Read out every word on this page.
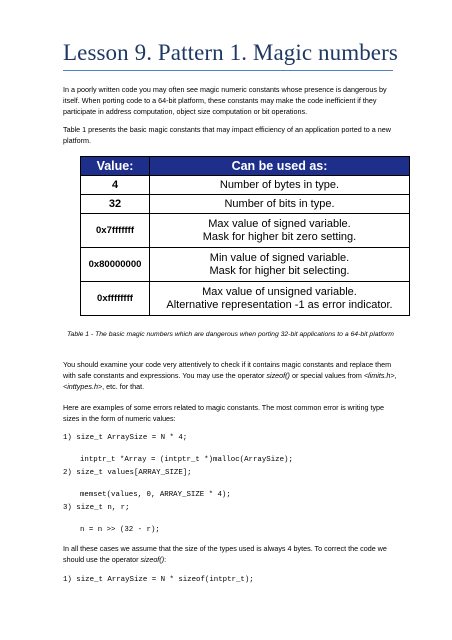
Lesson 9. Pattern 1. Magic numbers
In a poorly written code you may often see magic numeric constants whose presence is dangerous by itself. When porting code to a 64-bit platform, these constants may make the code inefficient if they participate in address computation, object size computation or bit operations.
Table 1 presents the basic magic constants that may impact efficiency of an application ported to a new platform.
Value:	Can be used as:
4	Number of bytes in type.

32	Number of bits in type.

0x7fffffff	Max value of signed variable.
Mask for higher bit zero setting.

0x80000000	Min value of signed variable.
Mask for higher bit selecting.

0xffffffff	Max value of unsigned variable.
Alternative representation -1 as error indicator.
Table 1 - The basic magic numbers which are dangerous when porting 32-bit applications to a 64-bit platform
You should examine your code very attentively to check if it contains magic constants and replace them with safe constants and expressions. You may use the operator sizeof() or special values from <limits.h>, <inttypes.h>, etc. for that.
Here are examples of some errors related to magic constants. The most common error is writing type sizes in the form of numeric values:
1) size_t ArraySize = N * 4;
intptr_t *Array = (intptr_t *)malloc(ArraySize);
2) size_t values[ARRAY_SIZE];
memset(values, 0, ARRAY_SIZE * 4);
3) size_t n, r;
n = n >> (32 - r);
In all these cases we assume that the size of the types used is always 4 bytes. To correct the code we should use the operator sizeof():
1) size_t ArraySize = N * sizeof(intptr_t);
